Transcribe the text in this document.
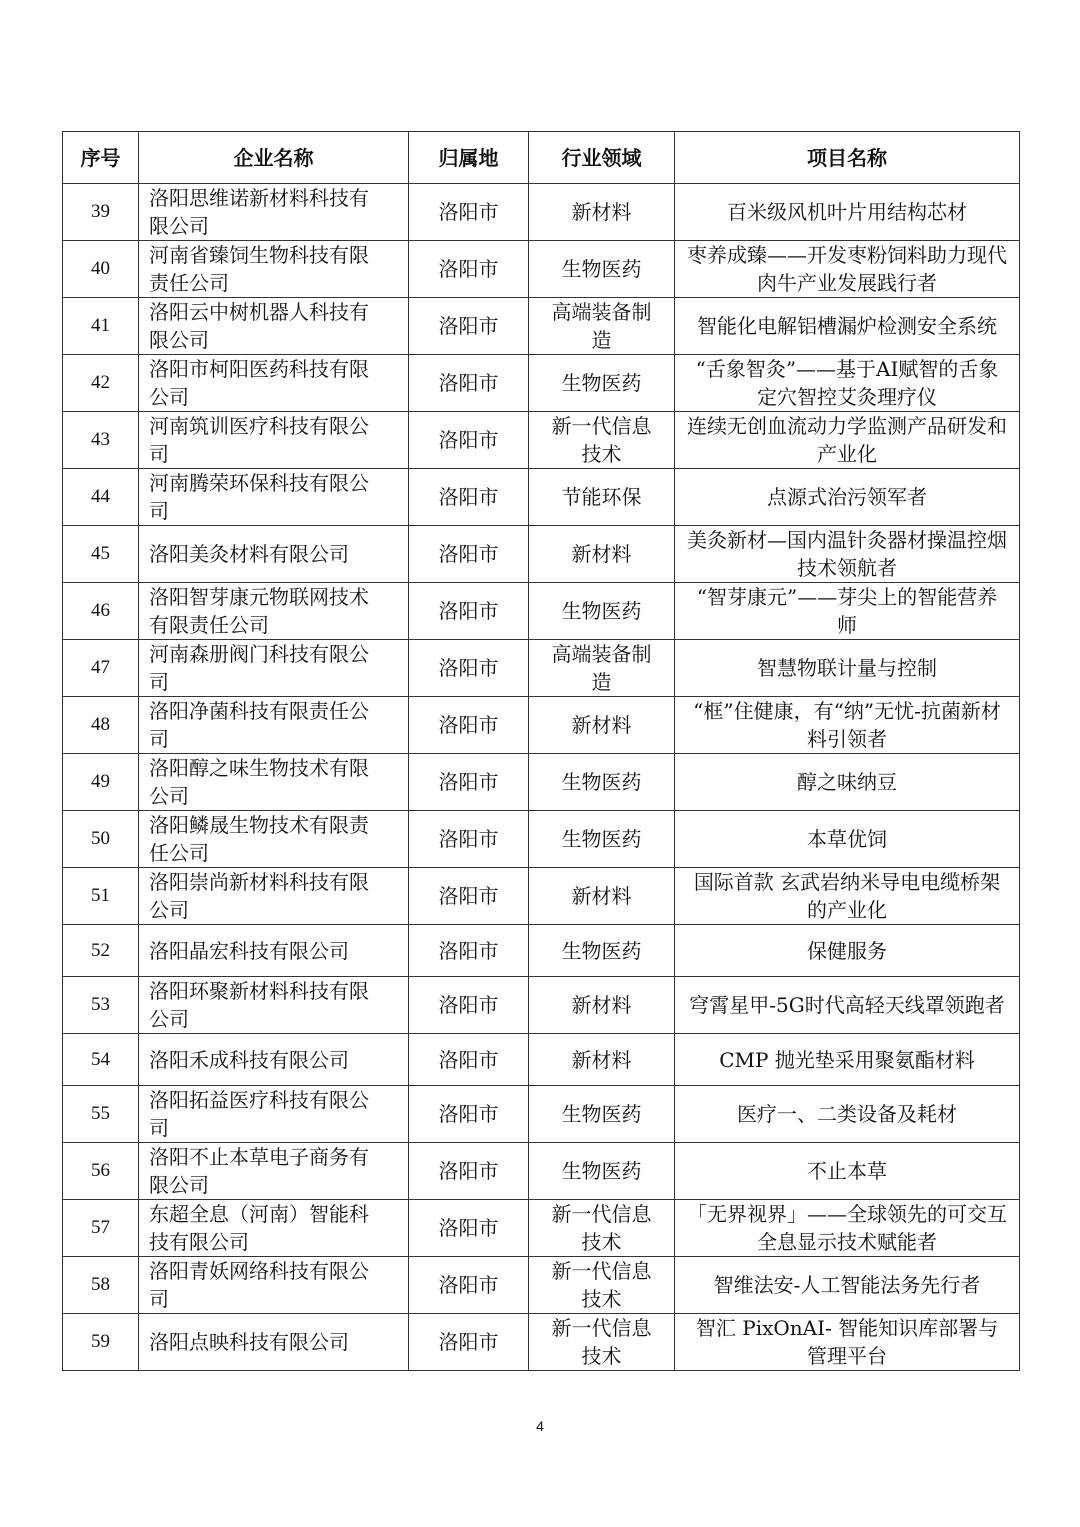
序号	企业名称	归属地	行业领域	项目名称
39	洛阳思维诺新材料科技有限公司	洛阳市	新材料	百米级风机叶片用结构芯材
40	河南省臻饲生物科技有限责任公司	洛阳市	生物医药	枣养成臻——开发枣粉饲料助力现代肉牛产业发展践行者
41	洛阳云中树机器人科技有限公司	洛阳市	高端装备制造	智能化电解铝槽漏炉检测安全系统
42	洛阳市柯阳医药科技有限公司	洛阳市	生物医药	“舌象智灸”——基于AI赋智的舌象定穴智控艾灸理疗仪
43	河南筑训医疗科技有限公司	洛阳市	新一代信息技术	连续无创血流动力学监测产品研发和产业化
44	河南腾荣环保科技有限公司	洛阳市	节能环保	点源式治污领军者
45	洛阳美灸材料有限公司	洛阳市	新材料	美灸新材—国内温针灸器材操温控烟技术领航者
46	洛阳智芽康元物联网技术有限责任公司	洛阳市	生物医药	“智芽康元”——芽尖上的智能营养师
47	河南森册阀门科技有限公司	洛阳市	高端装备制造	智慧物联计量与控制
48	洛阳净菌科技有限责任公司	洛阳市	新材料	“框”住健康，有“纳”无忧-抗菌新材料引领者
49	洛阳醇之味生物技术有限公司	洛阳市	生物医药	醇之味纳豆
50	洛阳鳞晟生物技术有限责任公司	洛阳市	生物医药	本草优饲
51	洛阳崇尚新材料科技有限公司	洛阳市	新材料	国际首款 玄武岩纳米导电电缆桥架的产业化
52	洛阳晶宏科技有限公司	洛阳市	生物医药	保健服务
53	洛阳环聚新材料科技有限公司	洛阳市	新材料	穹霄星甲-5G时代高轻天线罩领跑者
54	洛阳禾成科技有限公司	洛阳市	新材料	CMP 抛光垫采用聚氨酯材料
55	洛阳拓益医疗科技有限公司	洛阳市	生物医药	医疗一、二类设备及耗材
56	洛阳不止本草电子商务有限公司	洛阳市	生物医药	不止本草
57	东超全息（河南）智能科技有限公司	洛阳市	新一代信息技术	「无界视界」——全球领先的可交互全息显示技术赋能者
58	洛阳青妖网络科技有限公司	洛阳市	新一代信息技术	智维法安-人工智能法务先行者
59	洛阳点映科技有限公司	洛阳市	新一代信息技术	智汇 PixOnAI- 智能知识库部署与管理平台
4
